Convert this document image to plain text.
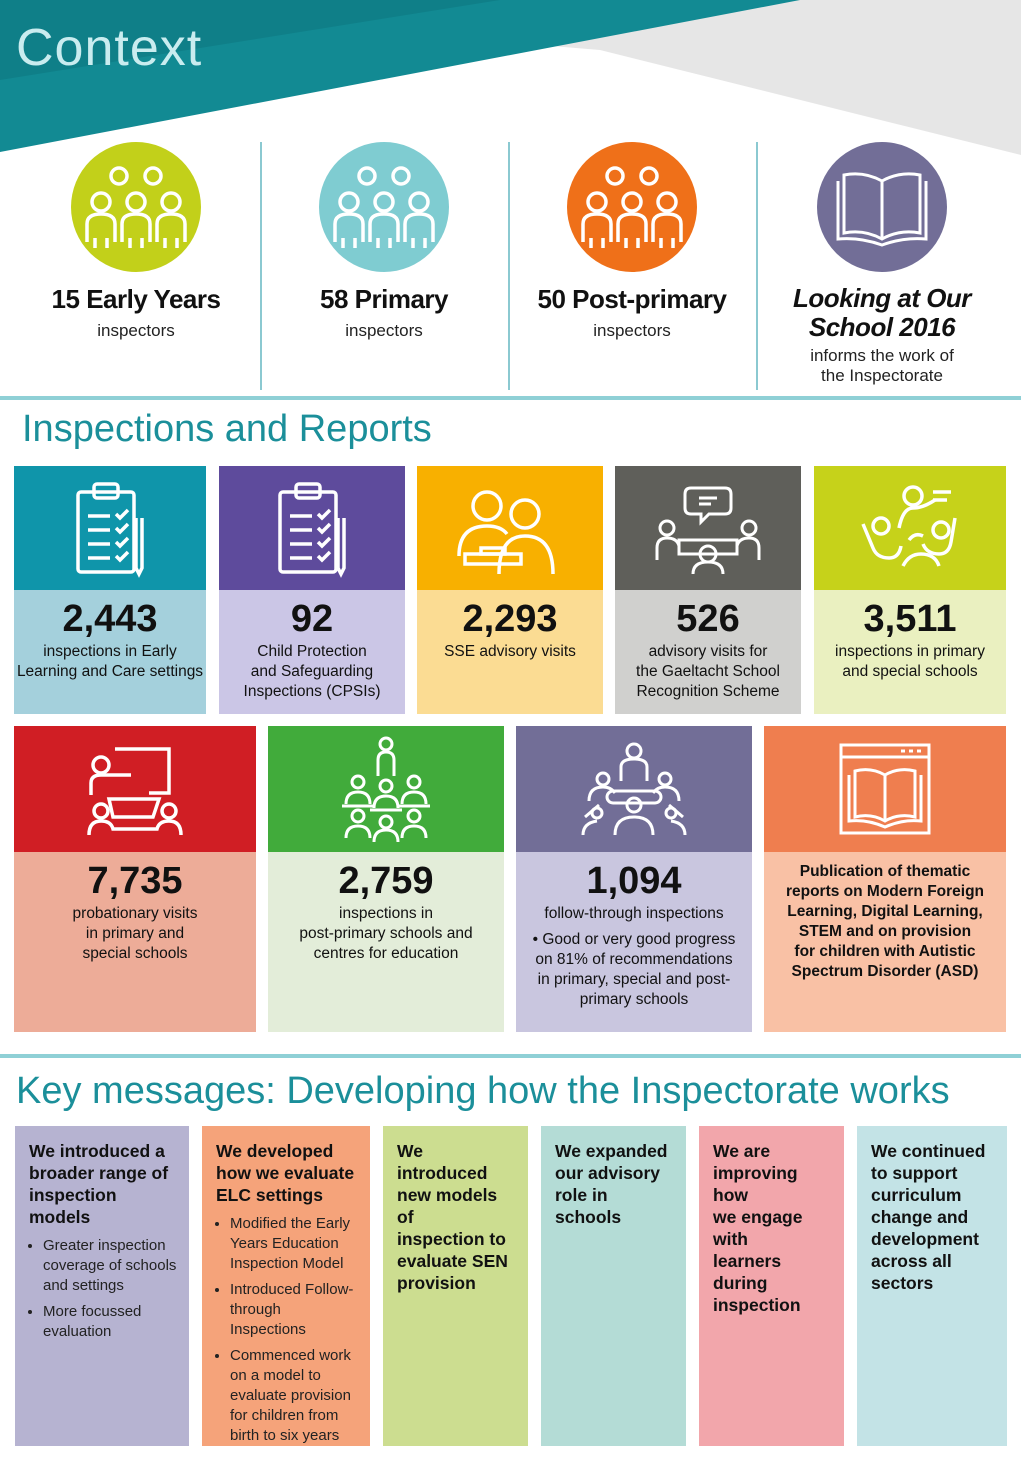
Context
15 Early Years
inspectors
58 Primary
inspectors
50 Post-primary
inspectors
Looking at Our
School 2016
informs the work of
the Inspectorate
Inspections and Reports
2,443
inspections in Early
Learning and Care settings
92
Child Protection
and Safeguarding
Inspections (CPSIs)
2,293
SSE advisory visits
526
advisory visits for
the Gaeltacht School
Recognition Scheme
3,511
inspections in primary
and special schools
7,735
probationary visits
in primary and
special schools
2,759
inspections in
post-primary schools and
centres for education
1,094
follow-through inspections
• Good or very good progress
on 81% of recommendations
in primary, special and post-
primary schools
Publication of thematic
reports on Modern Foreign
Learning, Digital Learning,
STEM and on provision
for children with Autistic
Spectrum Disorder (ASD)
Key messages: Developing how the Inspectorate works
We introduced a
broader range of
inspection models
• Greater inspection coverage of schools and settings
• More focussed evaluation
We developed
how we evaluate
ELC settings
• Modified the Early Years Education Inspection Model
• Introduced Follow-through Inspections
• Commenced work on a model to evaluate provision for children from birth to six years
We introduced
new models of
inspection to
evaluate SEN
provision
We expanded
our advisory
role in schools
We are
improving how
we engage with
learners during
inspection
We continued
to support
curriculum
change and
development
across all
sectors
